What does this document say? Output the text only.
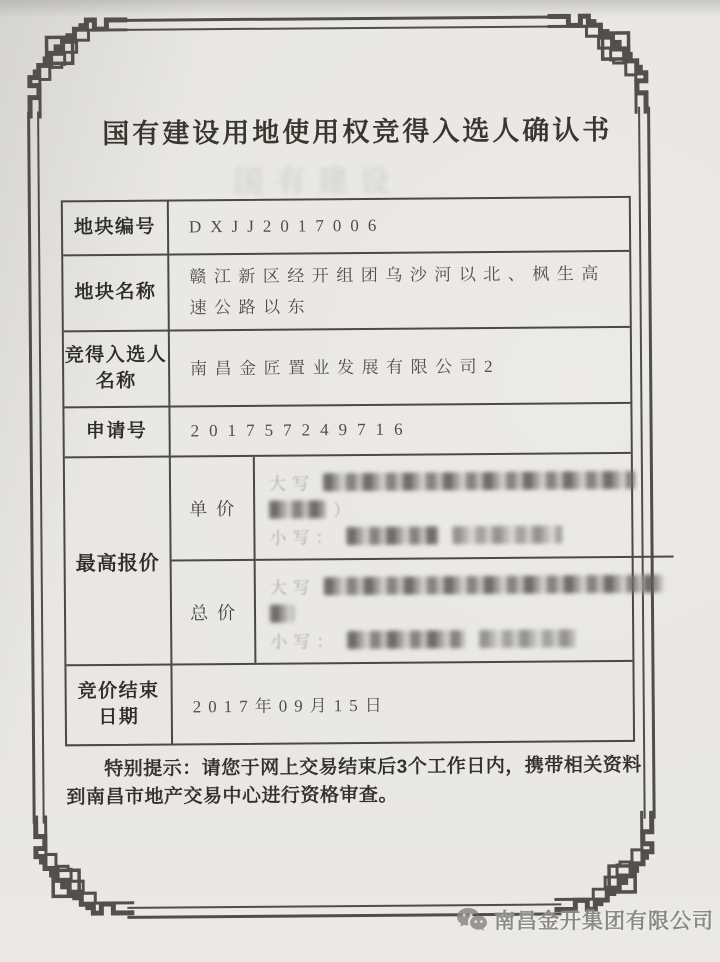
国有建设用地使用权竞得入选人确认书
国有建设
地块编号	DXJJ2017006
地块名称
赣江新区经开组团乌沙河以北、枫生高速公路以东
竞得入选人
名称
南昌金匠置业发展有限公司2
申请号	201757249716
最高报价
单价
大写
）
小写：
总价
大写
小写：
竞价结束
日期
2017年09月15日
特别提示：请您于网上交易结束后3个工作日内，携带相关资料到南昌市地产交易中心进行资格审查。
南昌金开集团有限公司
